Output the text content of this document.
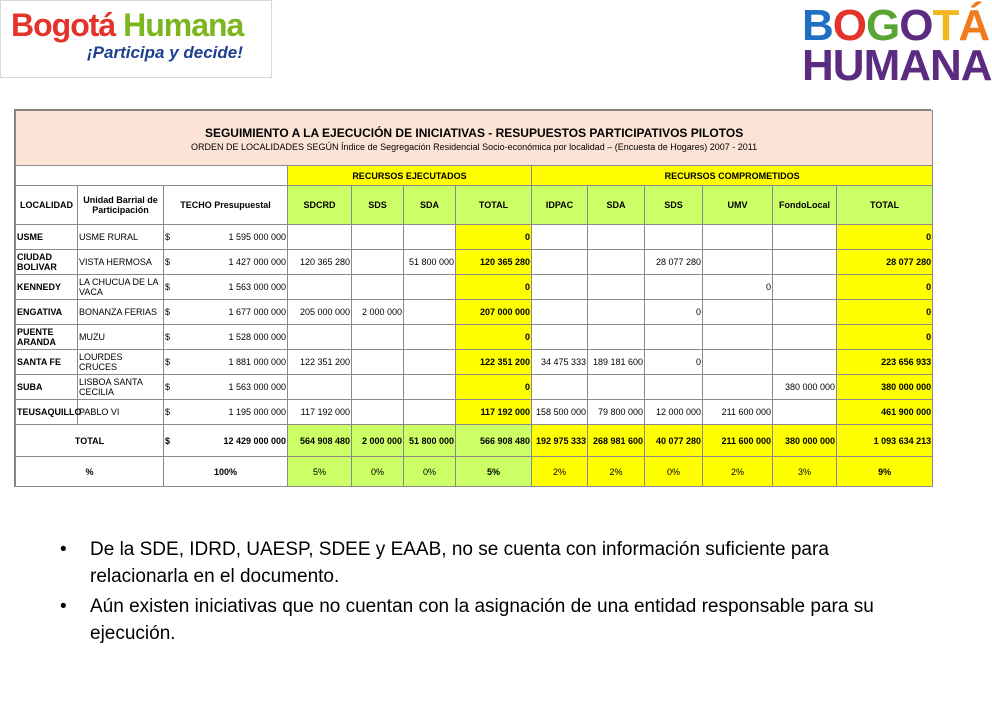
Bogotá Humana
¡Participa y decide!
BOGOTÁ
HUMANA
SEGUIMIENTO A LA EJECUCIÓN DE INICIATIVAS - RESUPUESTOS PARTICIPATIVOS PILOTOS
ORDEN DE LOCALIDADES SEGÚN Índice de Segregación Residencial Socio-económica por localidad – (Encuesta de Hogares) 2007 - 2011												

			RECURSOS EJECUTADOS				RECURSOS COMPROMETIDOS					
LOCALIDAD	Unidad Barrial de Participación	TECHO Presupuestal	SDCRD	SDS	SDA	TOTAL	IDPAC	SDA	SDS	UMV	FondoLocal	TOTAL
USME	USME RURAL	$ 1 595 000 000				0						0
CIUDAD BOLIVAR	VISTA HERMOSA	$ 1 427 000 000	120 365 280		51 800 000	120 365 280			28 077 280			28 077 280
KENNEDY	LA CHUCUA DE LA VACA	$ 1 563 000 000				0				0		0
ENGATIVA	BONANZA FERIAS	$ 1 677 000 000	205 000 000	2 000 000		207 000 000			0			0
PUENTE ARANDA	MUZU	$ 1 528 000 000				0						0
SANTA FE	LOURDES CRUCES	$ 1 881 000 000	122 351 200			122 351 200	34 475 333	189 181 600	0			223 656 933
SUBA	LISBOA SANTA CECILIA	$ 1 563 000 000				0					380 000 000	380 000 000
TEUSAQUILLO	PABLO VI	$ 1 195 000 000	117 192 000			117 192 000	158 500 000	79 800 000	12 000 000	211 600 000		461 900 000
TOTAL		$ 12 429 000 000	564 908 480	2 000 000	51 800 000	566 908 480	192 975 333	268 981 600	40 077 280	211 600 000	380 000 000	1 093 634 213
%		100%	5%	0%	0%	5%	2%	2%	0%	2%	3%	9%
• De la SDE, IDRD, UAESP, SDEE y EAAB, no se cuenta con información suficiente para relacionarla en el documento.
• Aún existen iniciativas que no cuentan con la asignación de una entidad responsable para su ejecución.
